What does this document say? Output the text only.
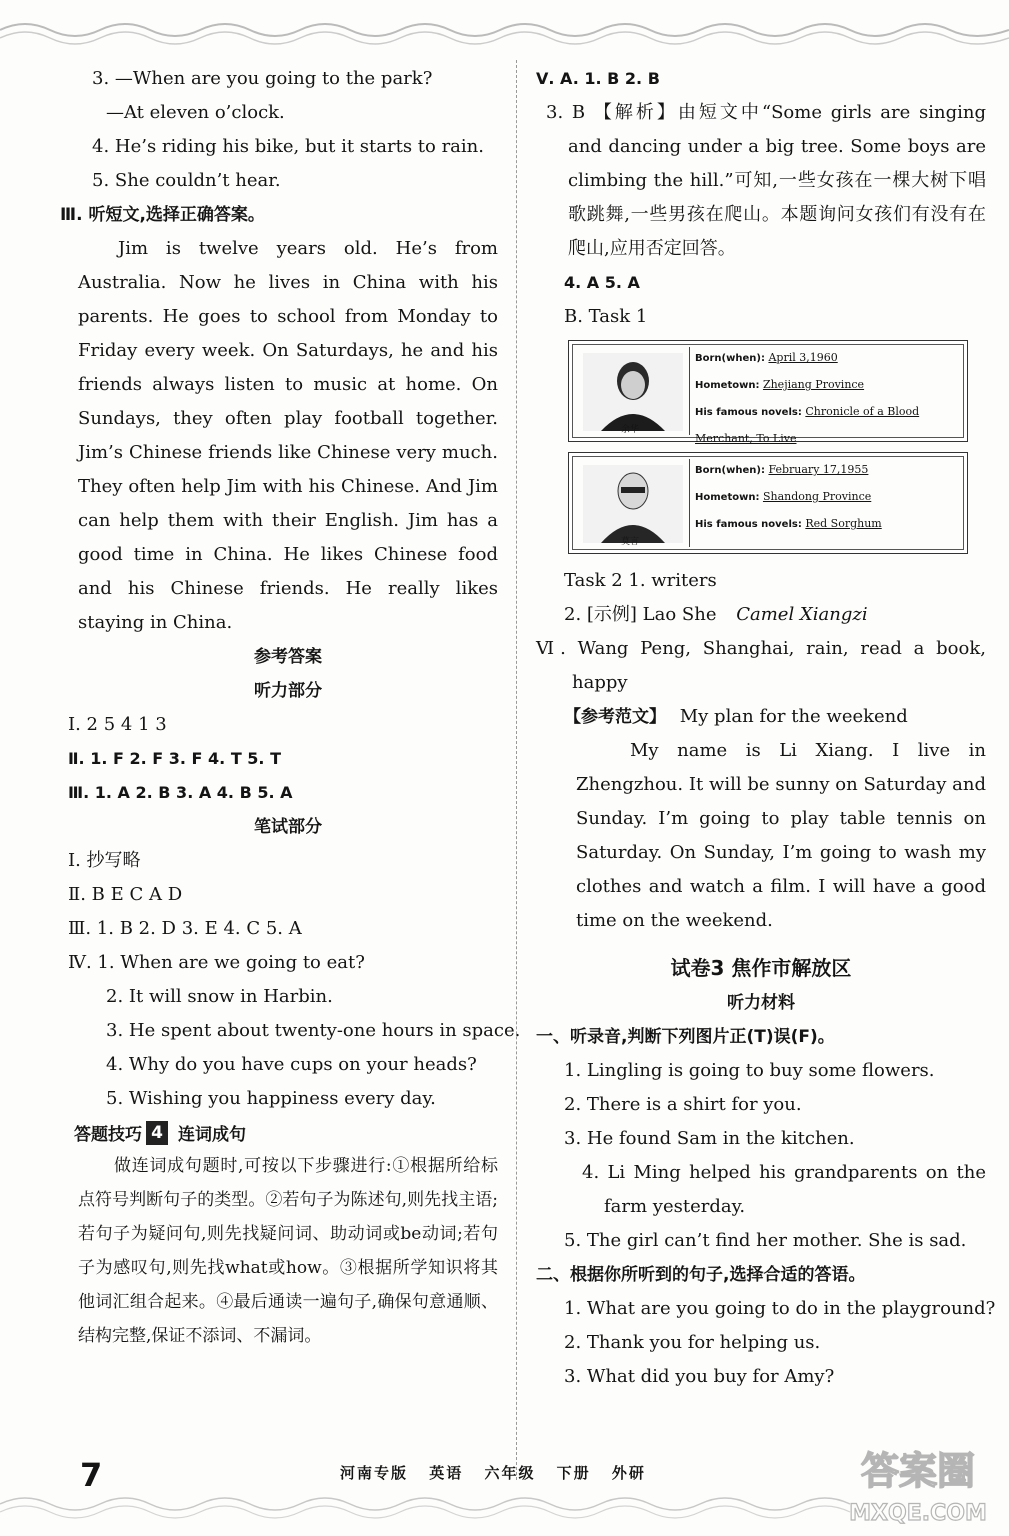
3. —When are you going to the park?
—At eleven o’clock.
4. He’s riding his bike, but it starts to rain.
5. She couldn’t hear.
Ⅲ. 听短文,选择正确答案。
Jim is twelve years old. He’s from Australia. Now he lives in China with his parents. He goes to school from Monday to Friday every week. On Saturdays, he and his friends always listen to music at home. On Sundays, they often play football together. Jim’s Chinese friends like Chinese very much. They often help Jim with his Chinese. And Jim can help them with their English. Jim has a good time in China. He likes Chinese food and his Chinese friends. He really likes staying in China.
参考答案
听力部分
Ⅰ. 2 5 4 1 3
Ⅱ. 1. F 2. F 3. F 4. T 5. T
Ⅲ. 1. A 2. B 3. A 4. B 5. A
笔试部分
Ⅰ. 抄写略
Ⅱ. B E C A D
Ⅲ. 1. B 2. D 3. E 4. C 5. A
Ⅳ. 1. When are we going to eat?
2. It will snow in Harbin.
3. He spent about twenty-one hours in space.
4. Why do you have cups on your heads?
5. Wishing you happiness every day.
答题技巧 4 连词成句
做连词成句题时,可按以下步骤进行:①根据所给标点符号判断句子的类型。②若句子为陈述句,则先找主语;若句子为疑问句,则先找疑问词、助动词或be动词;若句子为感叹句,则先找what或how。③根据所学知识将其他词汇组合起来。④最后通读一遍句子,确保句意通顺、结构完整,保证不添词、不漏词。
Ⅴ. A. 1. B 2. B
3. B 【解析】由短文中“Some girls are singing and dancing under a big tree. Some boys are climbing the hill.”可知,一些女孩在一棵大树下唱歌跳舞,一些男孩在爬山。本题询问女孩们有没有在爬山,应用否定回答。
4. A 5. A
B. Task 1
余华
Born(when): April 3,1960
Hometown: Zhejiang Province
His famous novels: Chronicle of a Blood Merchant, To Live
莫言
Born(when): February 17,1955
Hometown: Shandong Province
His famous novels: Red Sorghum
Task 2 1. writers
2. [示例] Lao She Camel Xiangzi
Ⅵ. Wang Peng, Shanghai, rain, read a book, happy
【参考范文】 My plan for the weekend
My name is Li Xiang. I live in Zhengzhou. It will be sunny on Saturday and Sunday. I’m going to play table tennis on Saturday. On Sunday, I’m going to wash my clothes and watch a film. I will have a good time on the weekend.
试卷3 焦作市解放区
听力材料
一、听录音,判断下列图片正(T)误(F)。
1. Lingling is going to buy some flowers.
2. There is a shirt for you.
3. He found Sam in the kitchen.
4. Li Ming helped his grandparents on the farm yesterday.
5. The girl can’t find her mother. She is sad.
二、根据你所听到的句子,选择合适的答语。
1. What are you going to do in the playground?
2. Thank you for helping us.
3. What did you buy for Amy?
7	河南专版 英语 六年级 下册 外研	答案圈
MXQE.COM
